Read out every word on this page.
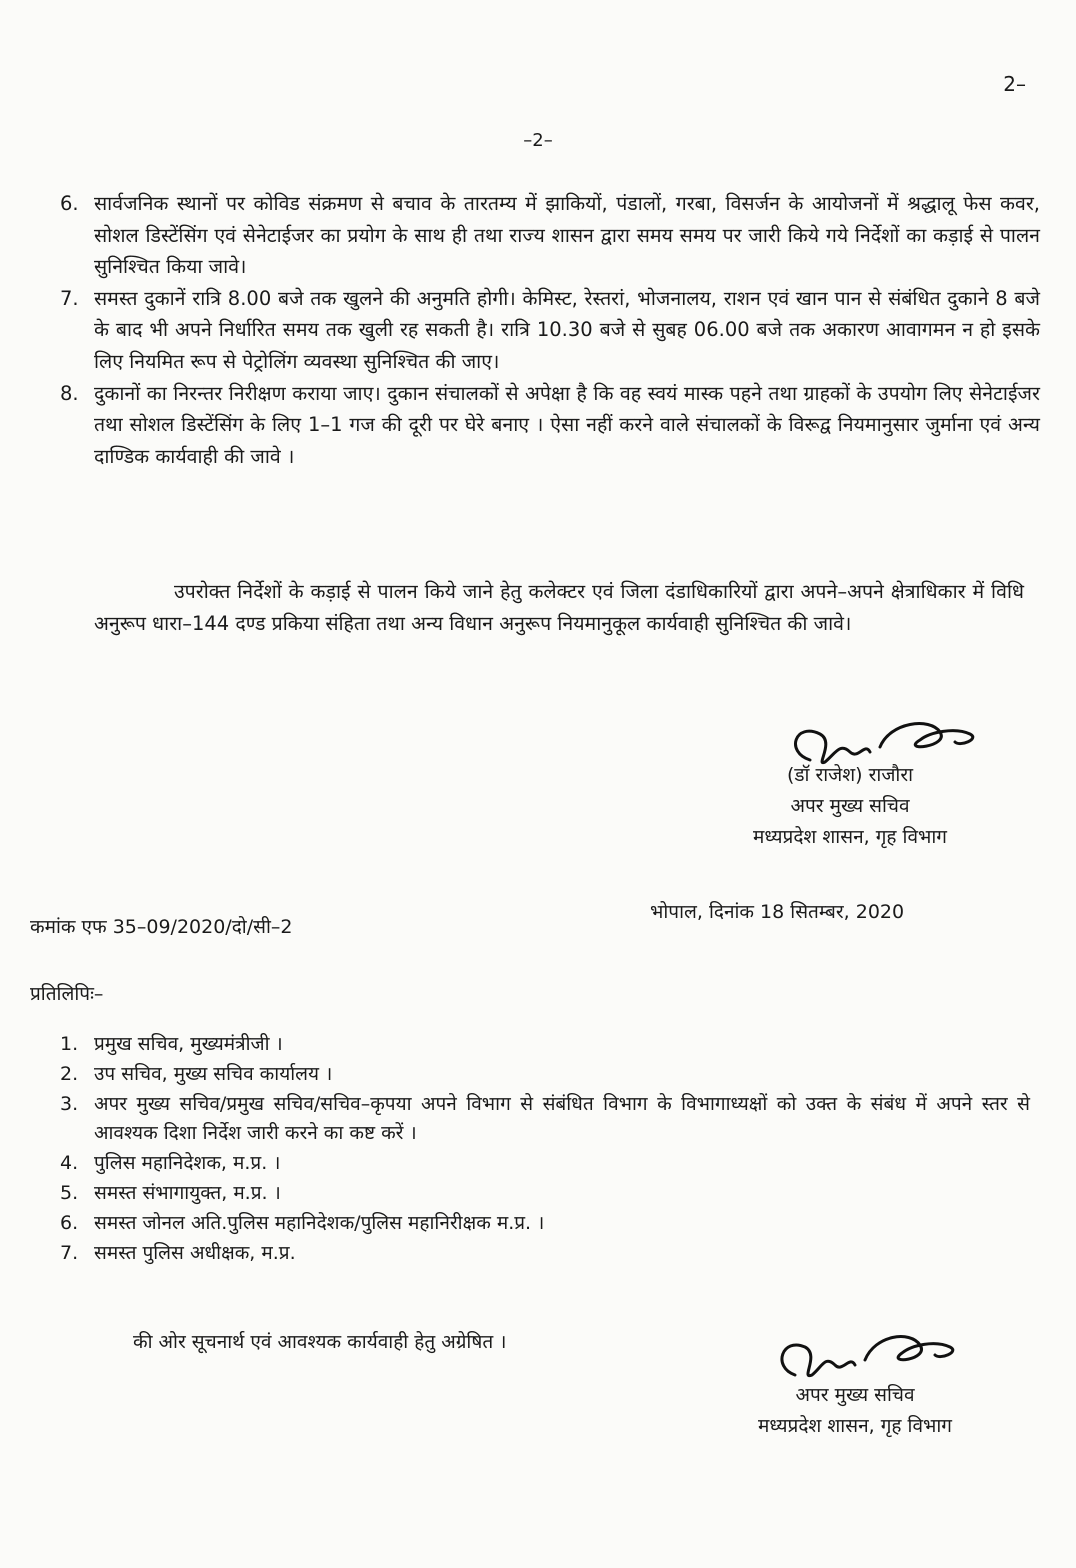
2–
–2–
6. सार्वजनिक स्थानों पर कोविड संक्रमण से बचाव के तारतम्य में झाकियों, पंडालों, गरबा, विसर्जन के आयोजनों में श्रद्धालू फेस कवर, सोशल डिस्टेंसिंग एवं सेनेटाईजर का प्रयोग के साथ ही तथा राज्य शासन द्वारा समय समय पर जारी किये गये निर्देशों का कड़ाई से पालन सुनिश्चित किया जावे।
7. समस्त दुकानें रात्रि 8.00 बजे तक खुलने की अनुमति होगी। केमिस्ट, रेस्तरां, भोजनालय, राशन एवं खान पान से संबंधित दुकाने 8 बजे के बाद भी अपने निर्धारित समय तक खुली रह सकती है। रात्रि 10.30 बजे से सुबह 06.00 बजे तक अकारण आवागमन न हो इसके लिए नियमित रूप से पेट्रोलिंग व्यवस्था सुनिश्चित की जाए।
8. दुकानों का निरन्तर निरीक्षण कराया जाए। दुकान संचालकों से अपेक्षा है कि वह स्वयं मास्क पहने तथा ग्राहकों के उपयोग लिए सेनेटाईजर तथा सोशल डिस्टेंसिंग के लिए 1–1 गज की दूरी पर घेरे बनाए । ऐसा नहीं करने वाले संचालकों के विरूद्व नियमानुसार जुर्माना एवं अन्य दाण्डिक कार्यवाही की जावे ।
उपरोक्त निर्देशों के कड़ाई से पालन किये जाने हेतु कलेक्टर एवं जिला दंडाधिकारियों द्वारा अपने–अपने क्षेत्राधिकार में विधि अनुरूप धारा–144 दण्ड प्रकिया संहिता तथा अन्य विधान अनुरूप नियमानुकूल कार्यवाही सुनिश्चित की जावे।
(डॉ राजेश) राजौरा
अपर मुख्य सचिव
मध्यप्रदेश शासन, गृह विभाग
भोपाल, दिनांक 18 सितम्बर, 2020
कमांक एफ 35–09/2020/दो/सी–2
प्रतिलिपिः–
1. प्रमुख सचिव, मुख्यमंत्रीजी ।
2. उप सचिव, मुख्य सचिव कार्यालय ।
3. अपर मुख्य सचिव/प्रमुख सचिव/सचिव–कृपया अपने विभाग से संबंधित विभाग के विभागाध्यक्षों को उक्त के संबंध में अपने स्तर से आवश्यक दिशा निर्देश जारी करने का कष्ट करें ।
4. पुलिस महानिदेशक, म.प्र. ।
5. समस्त संभागायुक्त, म.प्र. ।
6. समस्त जोनल अति.पुलिस महानिदेशक/पुलिस महानिरीक्षक म.प्र. ।
7. समस्त पुलिस अधीक्षक, म.प्र.
की ओर सूचनार्थ एवं आवश्यक कार्यवाही हेतु अग्रेषित ।
अपर मुख्य सचिव
मध्यप्रदेश शासन, गृह विभाग
